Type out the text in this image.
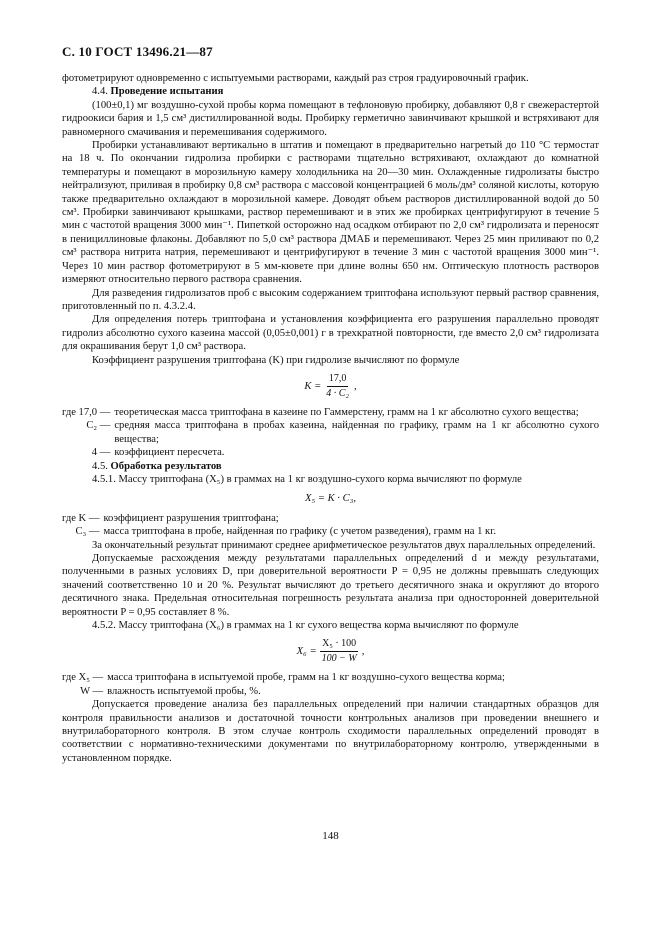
С. 10 ГОСТ 13496.21—87

фотометрируют одновременно с испытуемыми растворами, каждый раз строя градуировочный график.

4.4. Проведение испытания

(100±0,1) мг воздушно-сухой пробы корма помещают в тефлоновую пробирку, добавляют 0,8 г свежерастертой гидроокиси бария и 1,5 см³ дистиллированной воды. Пробирку герметично завинчивают крышкой и встряхивают для равномерного смачивания и перемешивания содержимого.

Пробирки устанавливают вертикально в штатив и помещают в предварительно нагретый до 110 °С термостат на 18 ч. По окончании гидролиза пробирки с растворами тщательно встряхивают, охлаждают до комнатной температуры и помещают в морозильную камеру холодильника на 20—30 мин. Охлажденные гидролизаты быстро нейтрализуют, приливая в пробирку 0,8 см³ раствора с массовой концентрацией 6 моль/дм³ соляной кислоты, которую также предварительно охлаждают в морозильной камере. Доводят объем растворов дистиллированной водой до 50 см³. Пробирки завинчивают крышками, раствор перемешивают и в этих же пробирках центрифугируют в течение 5 мин с частотой вращения 3000 мин⁻¹. Пипеткой осторожно над осадком отбирают по 2,0 см³ гидролизата и переносят в пенициллиновые флаконы. Добавляют по 5,0 см³ раствора ДМАБ и перемешивают. Через 25 мин приливают по 0,2 см³ раствора нитрита натрия, перемешивают и центрифугируют в течение 3 мин с частотой вращения 3000 мин⁻¹. Через 10 мин раствор фотометрируют в 5 мм-кювете при длине волны 650 нм. Оптическую плотность растворов измеряют относительно первого раствора сравнения.

Для разведения гидролизатов проб с высоким содержанием триптофана используют первый раствор сравнения, приготовленный по п. 4.3.2.4.

Для определения потерь триптофана и установления коэффициента его разрушения параллельно проводят гидролиз абсолютно сухого казеина массой (0,05±0,001) г в трехкратной повторности, где вместо 2,0 см³ гидролизата для окрашивания берут 1,0 см³ раствора.

Коэффициент разрушения триптофана (K) при гидролизе вычисляют по формуле

$K = \frac{17,0}{\text{4 · C₂}}$ ,
где 17,0 — теоретическая масса триптофана в казеине по Гаммерстену, грамм на 1 кг абсолютно сухого вещества;
C₂ — средняя масса триптофана в пробах казеина, найденная по графику, грамм на 1 кг абсолютно сухого вещества;
4 — коэффициент пересчета.

4.5. Обработка результатов

4.5.1. Массу триптофана (X₅) в граммах на 1 кг воздушно-сухого корма вычисляют по формуле

X₅ = K · C₃,
где K — коэффициент разрушения триптофана;
C₃ — масса триптофана в пробе, найденная по графику (с учетом разведения), грамм на 1 кг.

За окончательный результат принимают среднее арифметическое результатов двух параллельных определений.

Допускаемые расхождения между результатами параллельных определений d и между результатами, полученными в разных условиях D, при доверительной вероятности P = 0,95 не должны превышать следующих значений соответственно 10 и 20 %. Результат вычисляют до третьего десятичного знака и округляют до второго десятичного знака. Предельная относительная погрешность результата анализа при односторонней доверительной вероятности P = 0,95 составляет 8 %.

4.5.2. Массу триптофана (X₆) в граммах на 1 кг сухого вещества корма вычисляют по формуле

$X_6 = \frac{\text{X₅ · 100}}{100 - W}$ ,
где X₅ — масса триптофана в испытуемой пробе, грамм на 1 кг воздушно-сухого вещества корма;
W — влажность испытуемой пробы, %.

Допускается проведение анализа без параллельных определений при наличии стандартных образцов для контроля правильности анализов и достаточной точности контрольных анализов при проведении внешнего и внутрилабораторного контроля. В этом случае контроль сходимости параллельных определений проводят в соответствии с нормативно-техническими документами по внутрилабораторному контролю, утвержденными в установленном порядке.

148
